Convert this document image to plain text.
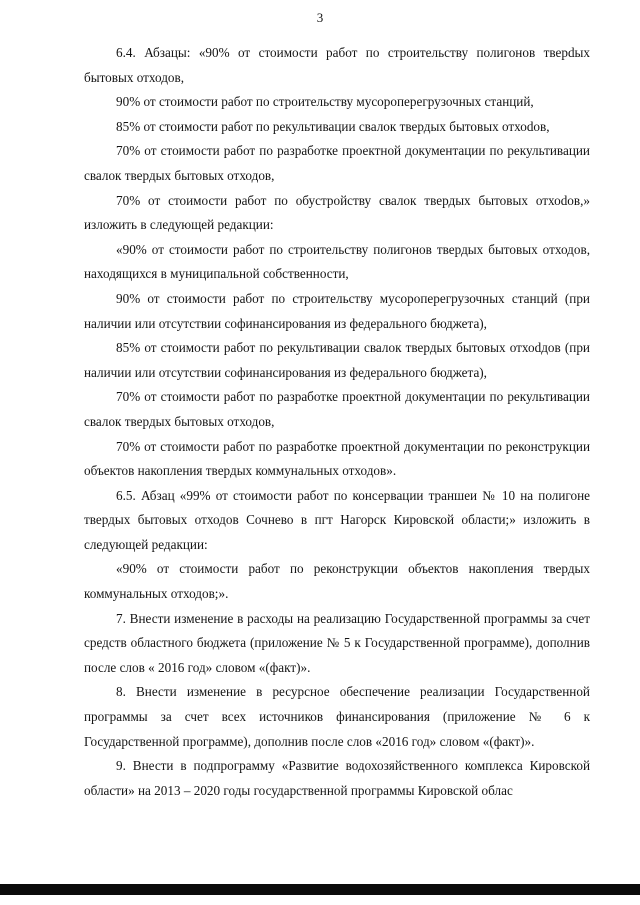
3

6.4. Абзацы: «90% от стоимости работ по строительству полигонов тверdых бытовых отходов,

90% от стоимости работ по строительству мусороперегрузочных станций,

85% от стоимости работ по рекультивации свалок твердых бытовых отхоdов,

70% от стоимости работ по разработке проектной документации по рекультивации свалок твердых бытовых отходов,

70% от стоимости работ по обустройству свалок твердых бытовых отхоdов,» изложить в следующей редакции:

«90% от стоимости работ по строительству полигонов твердых бытовых отходов, находящихся в муниципальной собственности,

90% от стоимости работ по строительству мусороперегрузочных станций (при наличии или отсутствии софинансирования из федерального бюджета),

85% от стоимости работ по рекультивации свалок твердых бытовых отхоdдов (при наличии или отсутствии софинансирования из федерального бюджета),

70% от стоимости работ по разработке проектной документации по рекультивации свалок твердых бытовых отходов,

70% от стоимости работ по разработке проектной документации по реконструкции объектов накопления твердых коммунальных отходов».

6.5. Абзац «99% от стоимости работ по консервации траншеи № 10 на полигоне твердых бытовых отходов Сочнево в пгт Нагорск Кировской области;» изложить в следующей редакции:

«90% от стоимости работ по реконструкции объектов накопления твердых коммунальных отходов;».

7. Внести изменение в расходы на реализацию Государственной программы за счет средств областного бюджета (приложение № 5 к Государственной программе), дополнив после слов « 2016 год» словом «(факт)».

8. Внести изменение в ресурсное обеспечение реализации Государственной программы за счет всех источников финансирования (приложение № 6 к Государственной программе), дополнив после слов «2016 год» словом «(факт)».

9. Внести в подпрограмму «Развитие водохозяйственного комплекса Кировской области» на 2013 – 2020 годы государственной программы Кировской облас
